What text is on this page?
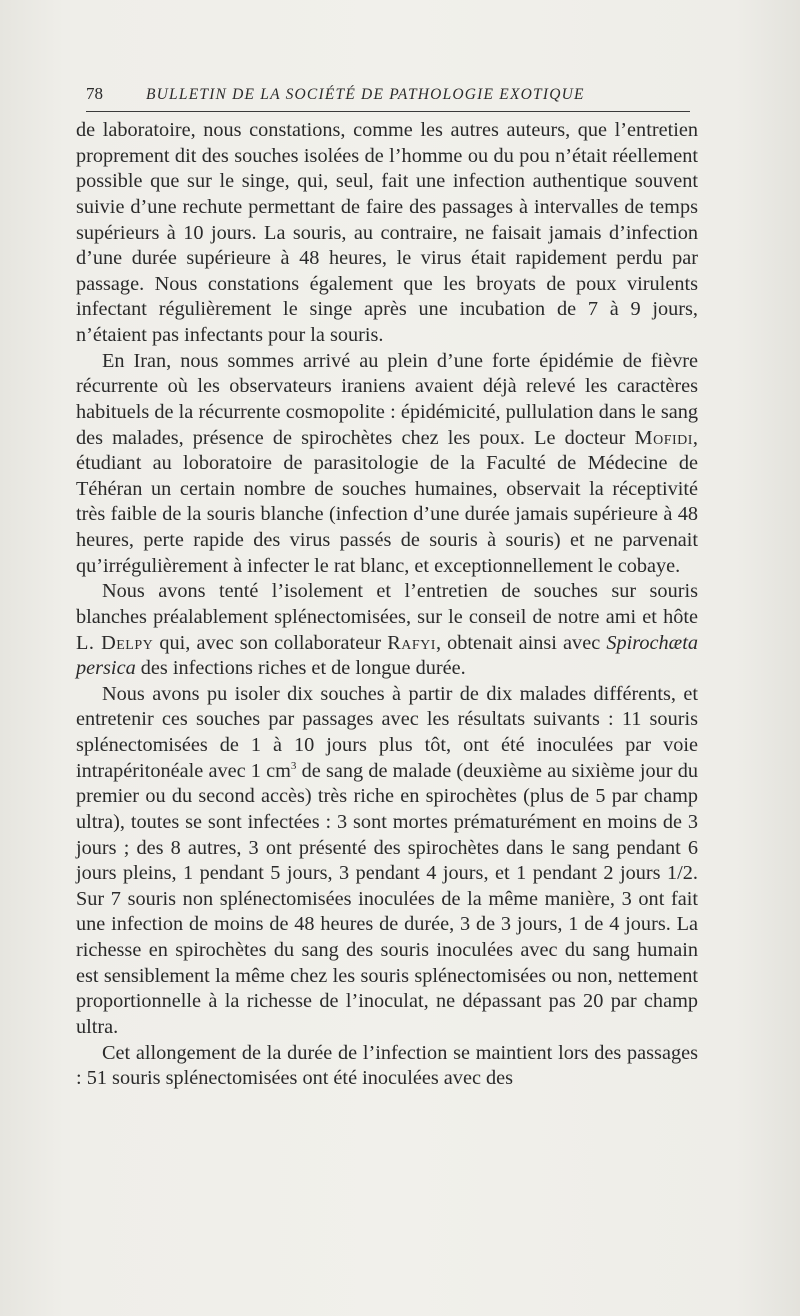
78	BULLETIN DE LA SOCIÉTÉ DE PATHOLOGIE EXOTIQUE

de laboratoire, nous constations, comme les autres auteurs, que l’entretien proprement dit des souches isolées de l’homme ou du pou n’était réellement possible que sur le singe, qui, seul, fait une infection authentique souvent suivie d’une rechute permettant de faire des passages à intervalles de temps supérieurs à 10 jours. La souris, au contraire, ne faisait jamais d’infection d’une durée supérieure à 48 heures, le virus était rapidement perdu par passage. Nous constations également que les broyats de poux virulents infectant régulièrement le singe après une incubation de 7 à 9 jours, n’étaient pas infectants pour la souris.

En Iran, nous sommes arrivé au plein d’une forte épidémie de fièvre récurrente où les observateurs iraniens avaient déjà relevé les caractères habituels de la récurrente cosmopolite : épidémicité, pullulation dans le sang des malades, présence de spirochètes chez les poux. Le docteur Mofidi, étudiant au loboratoire de parasitologie de la Faculté de Médecine de Téhéran un certain nombre de souches humaines, observait la réceptivité très faible de la souris blanche (infection d’une durée jamais supérieure à 48 heures, perte rapide des virus passés de souris à souris) et ne parvenait qu’irrégulièrement à infecter le rat blanc, et exceptionnellement le cobaye.

Nous avons tenté l’isolement et l’entretien de souches sur souris blanches préalablement splénectomisées, sur le conseil de notre ami et hôte L. Delpy qui, avec son collaborateur Rafyi, obtenait ainsi avec Spirochæta persica des infections riches et de longue durée.

Nous avons pu isoler dix souches à partir de dix malades différents, et entretenir ces souches par passages avec les résultats suivants : 11 souris splénectomisées de 1 à 10 jours plus tôt, ont été inoculées par voie intrapéritonéale avec 1 $cm^3$ de sang de malade (deuxième au sixième jour du premier ou du second accès) très riche en spirochètes (plus de 5 par champ ultra), toutes se sont infectées : 3 sont mortes prématurément en moins de 3 jours ; des 8 autres, 3 ont présenté des spirochètes dans le sang pendant 6 jours pleins, 1 pendant 5 jours, 3 pendant 4 jours, et 1 pendant 2 jours 1/2. Sur 7 souris non splénectomisées inoculées de la même manière, 3 ont fait une infection de moins de 48 heures de durée, 3 de 3 jours, 1 de 4 jours. La richesse en spirochètes du sang des souris inoculées avec du sang humain est sensiblement la même chez les souris splénectomisées ou non, nettement proportionnelle à la richesse de l’inoculat, ne dépassant pas 20 par champ ultra.

Cet allongement de la durée de l’infection se maintient lors des passages : 51 souris splénectomisées ont été inoculées avec des
